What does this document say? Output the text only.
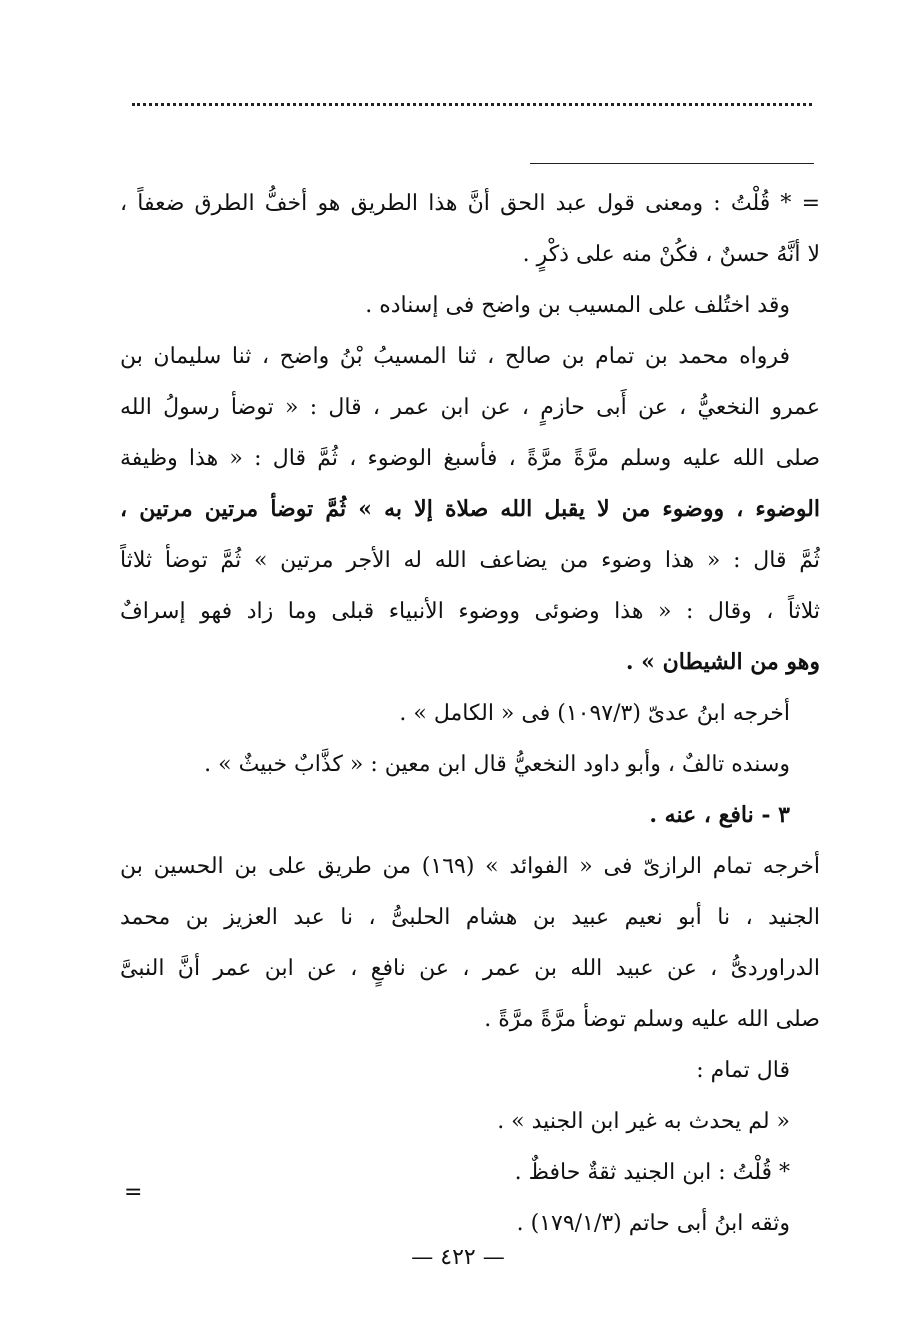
= * قُلْتُ : ومعنى قول عبد الحق أنَّ هذا الطريق هو أخفُّ الطرق ضعفاً ،
لا أنَّهُ حسنٌ ، فكُنْ منه على ذكْرٍ .
وقد اختُلف على المسيب بن واضح فى إسناده .
فرواه محمد بن تمام بن صالح ، ثنا المسيبُ بْنُ واضح ، ثنا سليمان بن
عمرو النخعيُّ ، عن أَبى حازمٍ ، عن ابن عمر ، قال : « توضأ رسولُ الله
صلى الله عليه وسلم مرَّةً مرَّةً ، فأسبغ الوضوء ، ثُمَّ قال : « هذا وظيفة
الوضوء ، ووضوء من لا يقبل الله صلاة إلا به » ثُمَّ توضأ مرتين مرتين ،
ثُمَّ قال : « هذا وضوء من يضاعف الله له الأجر مرتين » ثُمَّ توضأ ثلاثاً
ثلاثاً ، وقال : « هذا وضوئى ووضوء الأنبياء قبلى وما زاد فهو إسرافٌ
وهو من الشيطان » .
أخرجه ابنُ عدىّ (١٠٩٧/٣) فى « الكامل » .
وسنده تالفٌ ، وأبو داود النخعيُّ قال ابن معين : « كذَّابٌ خبيثٌ » .
٣ - نافع ، عنه .
أخرجه تمام الرازىّ فى « الفوائد » (١٦٩) من طريق على بن الحسين بن
الجنيد ، نا أبو نعيم عبيد بن هشام الحلبىُّ ، نا عبد العزيز بن محمد
الدراوردىُّ ، عن عبيد الله بن عمر ، عن نافعٍ ، عن ابن عمر أنَّ النبىَّ
صلى الله عليه وسلم توضأ مرَّةً مرَّةً .
قال تمام :
« لم يحدث به غير ابن الجنيد » .
* قُلْتُ : ابن الجنيد ثقةٌ حافظٌ .
وثقه ابنُ أبى حاتم (١٧٩/١/٣) .
=
— ٤٢٢ —
